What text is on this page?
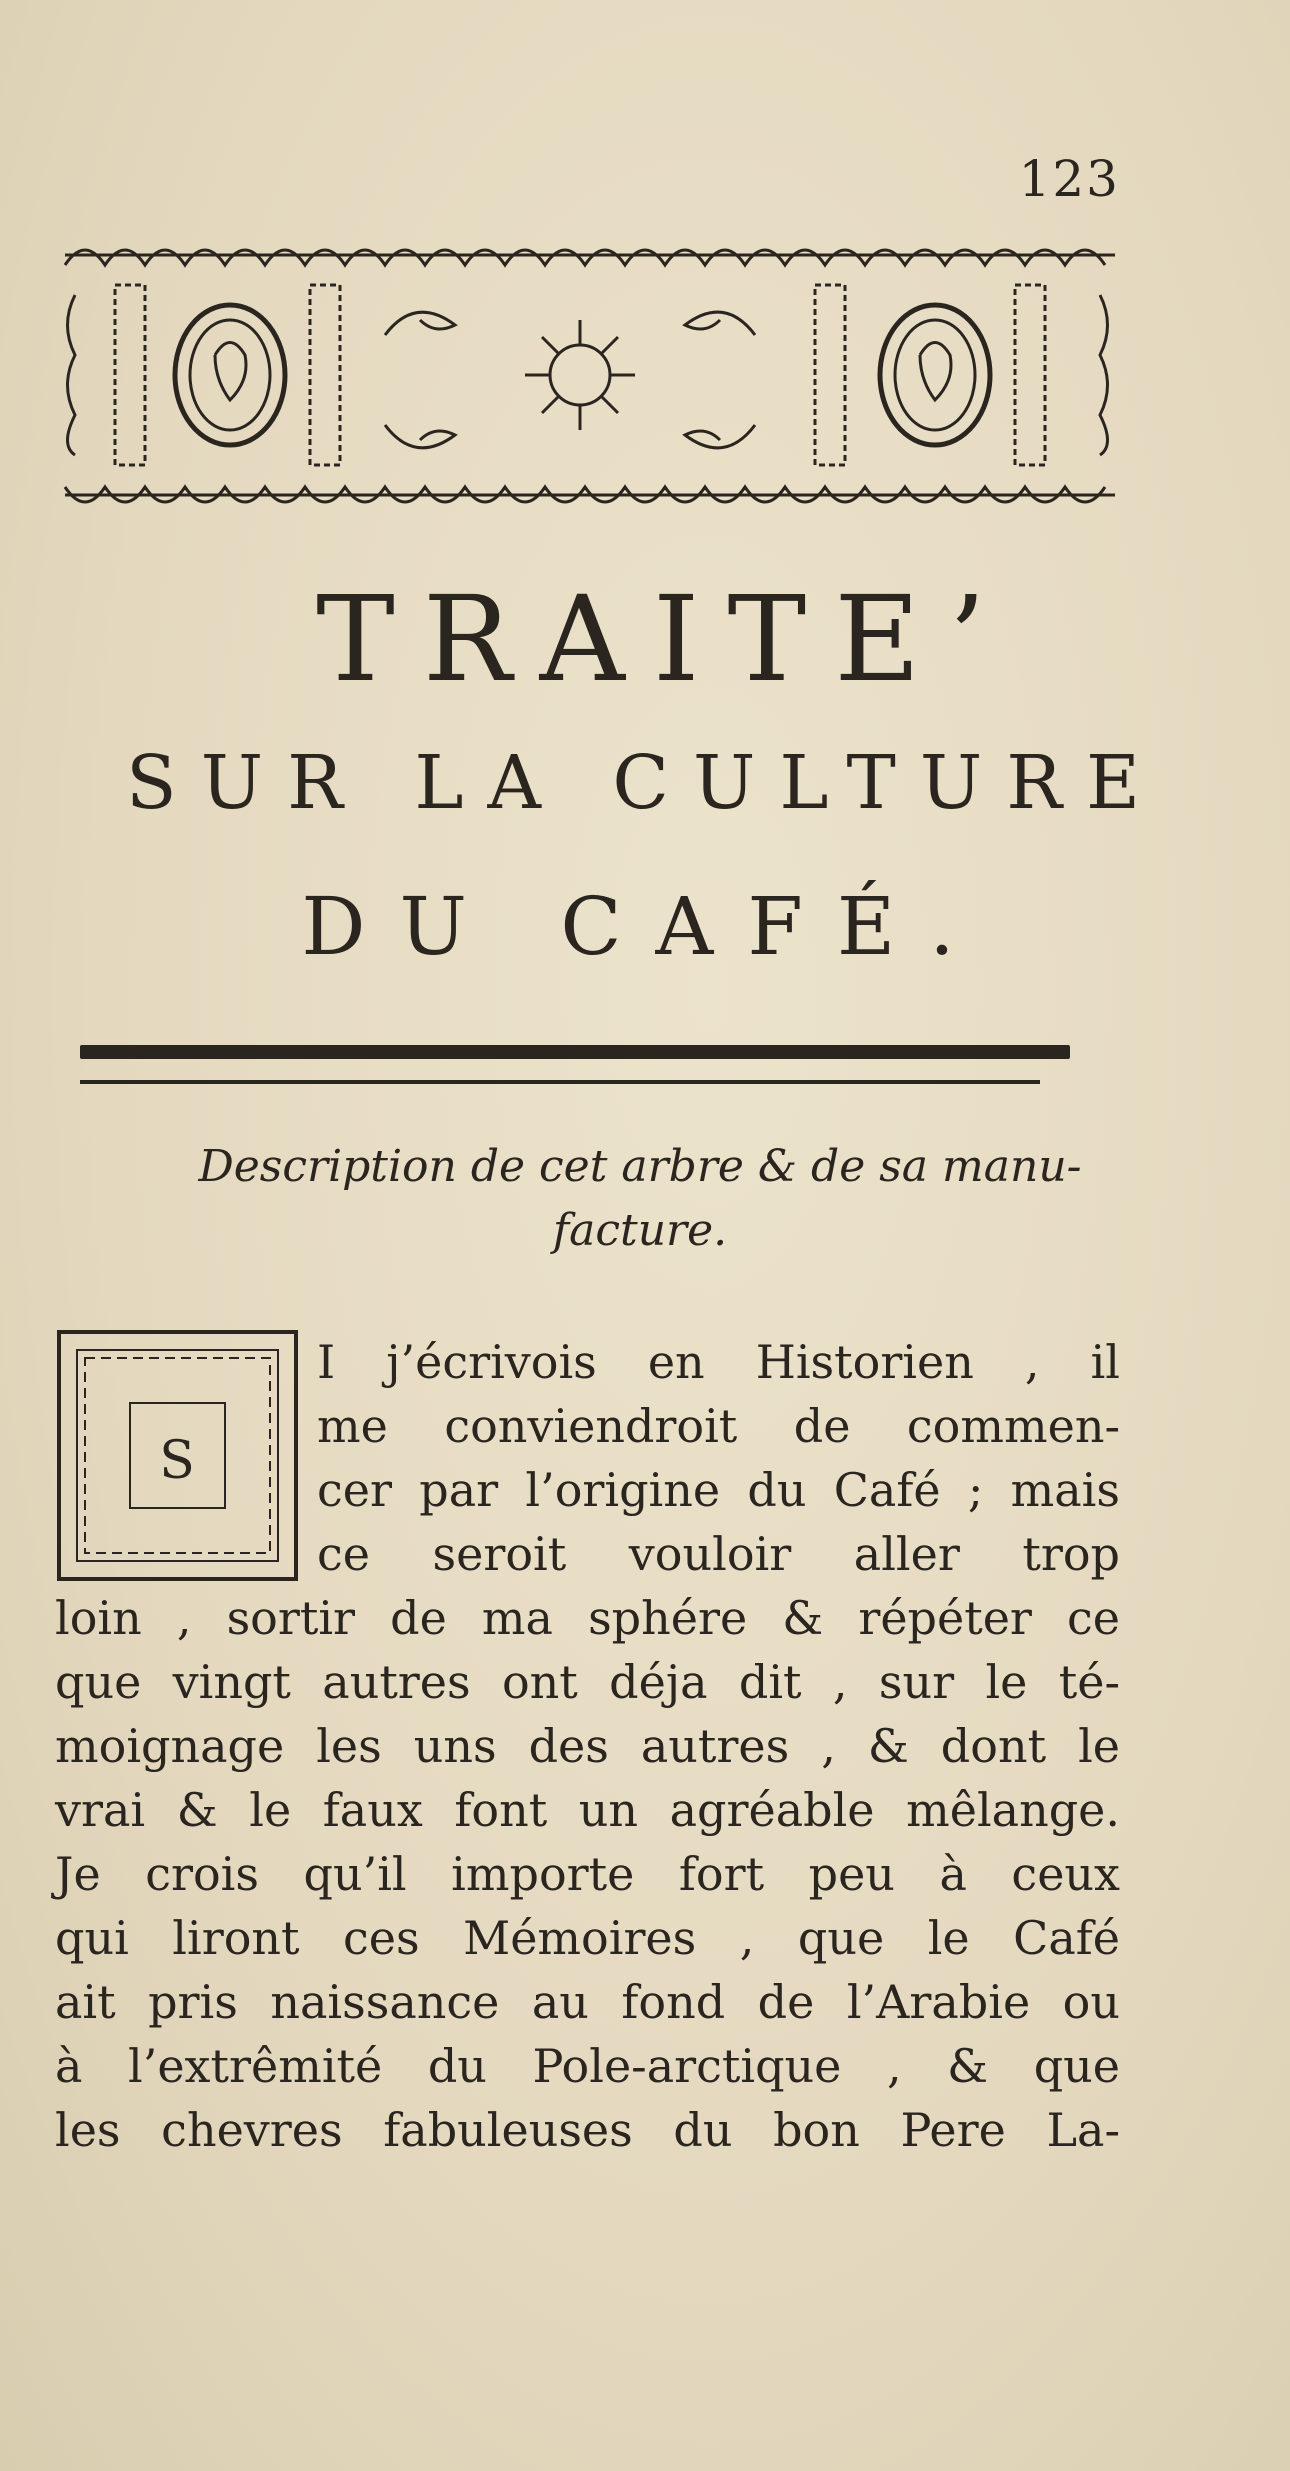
123
TRAITE’
SUR LA CULTURE
DU CAFÉ.
Description de cet arbre & de sa manu-
facture.
S
I j’écrivois en Historien , il
me conviendroit de commen-
cer par l’origine du Café ; mais
ce seroit vouloir aller trop
loin , sortir de ma sphére & répéter ce
que vingt autres ont déja dit , sur le té-
moignage les uns des autres , & dont le
vrai & le faux font un agréable mêlange.
Je crois qu’il importe fort peu à ceux
qui liront ces Mémoires , que le Café
ait pris naissance au fond de l’Arabie ou
à l’extrêmité du Pole-arctique , & que
les chevres fabuleuses du bon Pere La-
